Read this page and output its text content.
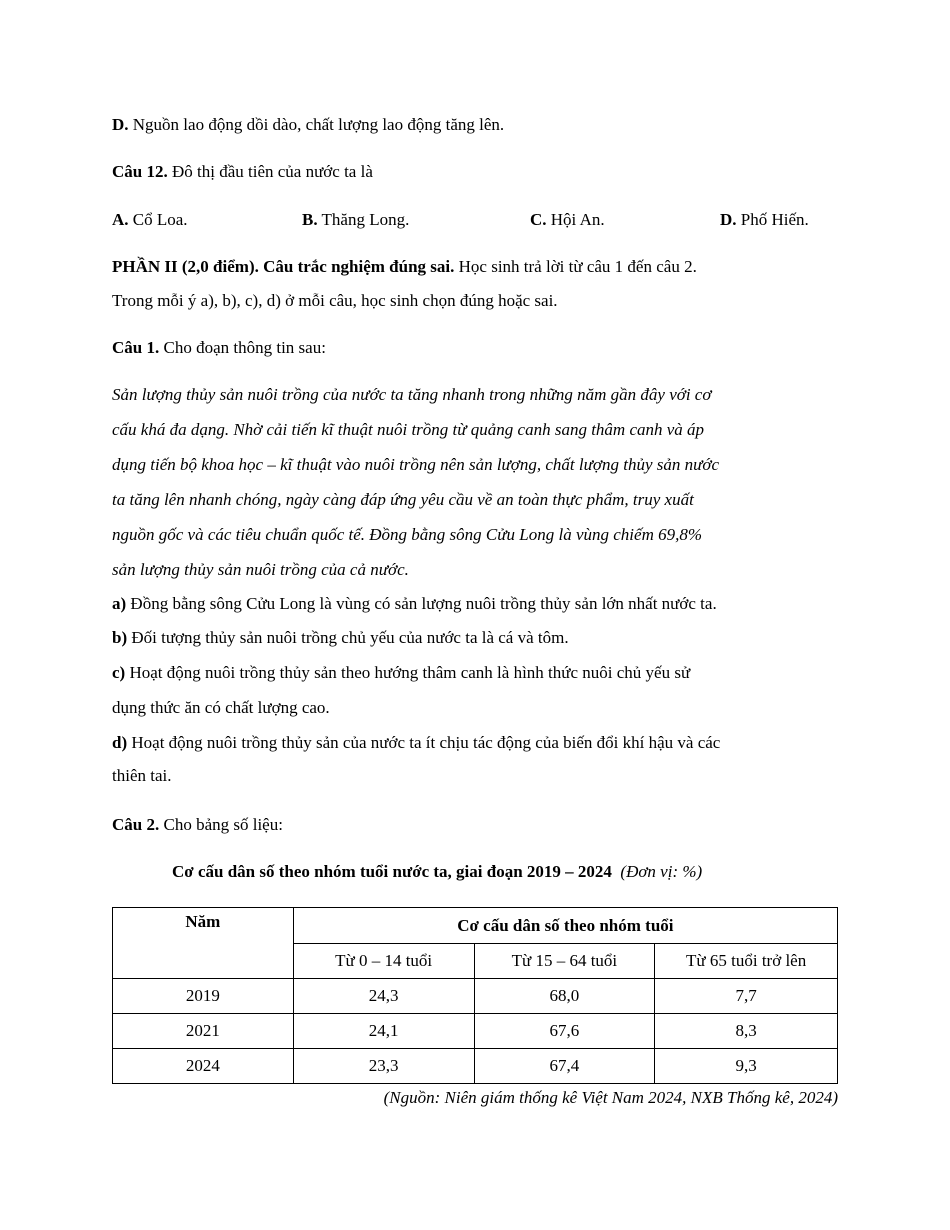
D. Nguồn lao động dồi dào, chất lượng lao động tăng lên.
Câu 12. Đô thị đầu tiên của nước ta là
A. Cổ Loa.	B. Thăng Long.	C. Hội An.	D. Phố Hiến.
PHẦN II (2,0 điểm). Câu trắc nghiệm đúng sai. Học sinh trả lời từ câu 1 đến câu 2.
Trong mỗi ý a), b), c), d) ở mỗi câu, học sinh chọn đúng hoặc sai.
Câu 1. Cho đoạn thông tin sau:
Sản lượng thủy sản nuôi trồng của nước ta tăng nhanh trong những năm gần đây với cơ
cấu khá đa dạng. Nhờ cải tiến kĩ thuật nuôi trồng từ quảng canh sang thâm canh và áp
dụng tiến bộ khoa học – kĩ thuật vào nuôi trồng nên sản lượng, chất lượng thủy sản nước
ta tăng lên nhanh chóng, ngày càng đáp ứng yêu cầu về an toàn thực phẩm, truy xuất
nguồn gốc và các tiêu chuẩn quốc tế. Đồng bằng sông Cửu Long là vùng chiếm 69,8%
sản lượng thủy sản nuôi trồng của cả nước.
a) Đồng bằng sông Cửu Long là vùng có sản lượng nuôi trồng thủy sản lớn nhất nước ta.
b) Đối tượng thủy sản nuôi trồng chủ yếu của nước ta là cá và tôm.
c) Hoạt động nuôi trồng thủy sản theo hướng thâm canh là hình thức nuôi chủ yếu sử
dụng thức ăn có chất lượng cao.
d) Hoạt động nuôi trồng thủy sản của nước ta ít chịu tác động của biến đổi khí hậu và các
thiên tai.
Câu 2. Cho bảng số liệu:
Cơ cấu dân số theo nhóm tuổi nước ta, giai đoạn 2019 – 2024 (Đơn vị: %)
Năm	Cơ cấu dân số theo nhóm tuổi		
	Từ 0 – 14 tuổi	Từ 15 – 64 tuổi	Từ 65 tuổi trở lên
2019	24,3	68,0	7,7
2021	24,1	67,6	8,3
2024	23,3	67,4	9,3
(Nguồn: Niên giám thống kê Việt Nam 2024, NXB Thống kê, 2024)
